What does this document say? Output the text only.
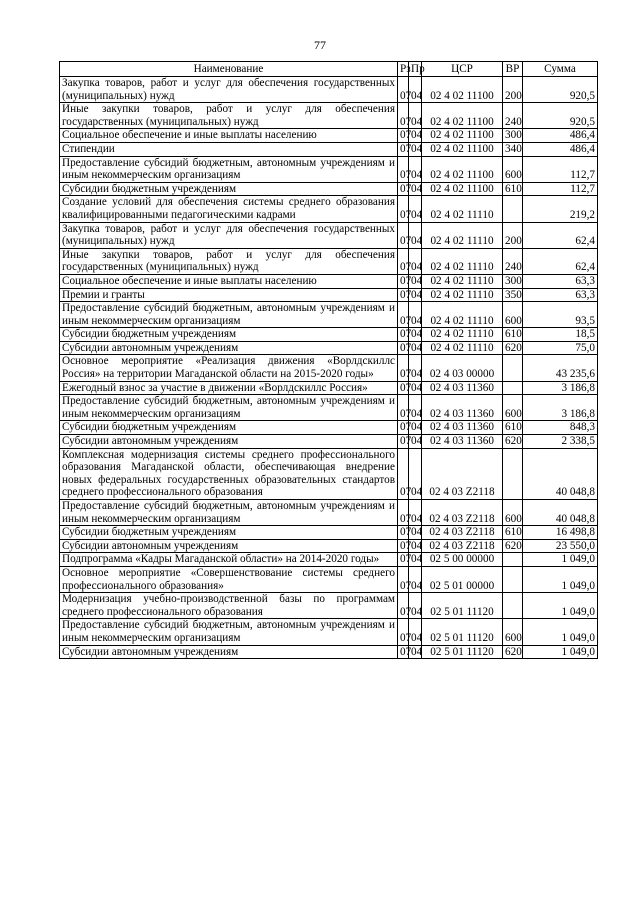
77
Наименование	Рз	Пр	ЦСР	ВР	Сумма
Закупка товаров, работ и услуг для обеспечения государственных (муниципальных) нужд	07	04	02 4 02 11100	200	920,5
Иные закупки товаров, работ и услуг для обеспечения государственных (муниципальных) нужд	07	04	02 4 02 11100	240	920,5
Социальное обеспечение и иные выплаты населению	07	04	02 4 02 11100	300	486,4
Стипендии	07	04	02 4 02 11100	340	486,4
Предоставление субсидий бюджетным, автономным учреждениям и иным некоммерческим организациям	07	04	02 4 02 11100	600	112,7
Субсидии бюджетным учреждениям	07	04	02 4 02 11100	610	112,7
Создание условий для обеспечения системы среднего образования квалифицированными педагогическими кадрами	07	04	02 4 02 11110		219,2
Закупка товаров, работ и услуг для обеспечения государственных (муниципальных) нужд	07	04	02 4 02 11110	200	62,4
Иные закупки товаров, работ и услуг для обеспечения государственных (муниципальных) нужд	07	04	02 4 02 11110	240	62,4
Социальное обеспечение и иные выплаты населению	07	04	02 4 02 11110	300	63,3
Премии и гранты	07	04	02 4 02 11110	350	63,3
Предоставление субсидий бюджетным, автономным учреждениям и иным некоммерческим организациям	07	04	02 4 02 11110	600	93,5
Субсидии бюджетным учреждениям	07	04	02 4 02 11110	610	18,5
Субсидии автономным учреждениям	07	04	02 4 02 11110	620	75,0
Основное мероприятие «Реализация движения «Ворлдскиллс Россия» на территории Магаданской области на 2015-2020 годы»	07	04	02 4 03 00000		43 235,6
Ежегодный взнос за участие в движении «Ворлдскиллс Россия»	07	04	02 4 03 11360		3 186,8
Предоставление субсидий бюджетным, автономным учреждениям и иным некоммерческим организациям	07	04	02 4 03 11360	600	3 186,8
Субсидии бюджетным учреждениям	07	04	02 4 03 11360	610	848,3
Субсидии автономным учреждениям	07	04	02 4 03 11360	620	2 338,5
Комплексная модернизация системы среднего профессионального образования Магаданской области, обеспечивающая внедрение новых федеральных государственных образовательных стандартов среднего профессионального образования	07	04	02 4 03 Z2118		40 048,8
Предоставление субсидий бюджетным, автономным учреждениям и иным некоммерческим организациям	07	04	02 4 03 Z2118	600	40 048,8
Субсидии бюджетным учреждениям	07	04	02 4 03 Z2118	610	16 498,8
Субсидии автономным учреждениям	07	04	02 4 03 Z2118	620	23 550,0
Подпрограмма «Кадры Магаданской области» на 2014-2020 годы»	07	04	02 5 00 00000		1 049,0
Основное мероприятие «Совершенствование системы среднего профессионального образования»	07	04	02 5 01 00000		1 049,0
Модернизация учебно-производственной базы по программам среднего профессионального образования	07	04	02 5 01 11120		1 049,0
Предоставление субсидий бюджетным, автономным учреждениям и иным некоммерческим организациям	07	04	02 5 01 11120	600	1 049,0
Субсидии автономным учреждениям	07	04	02 5 01 11120	620	1 049,0
